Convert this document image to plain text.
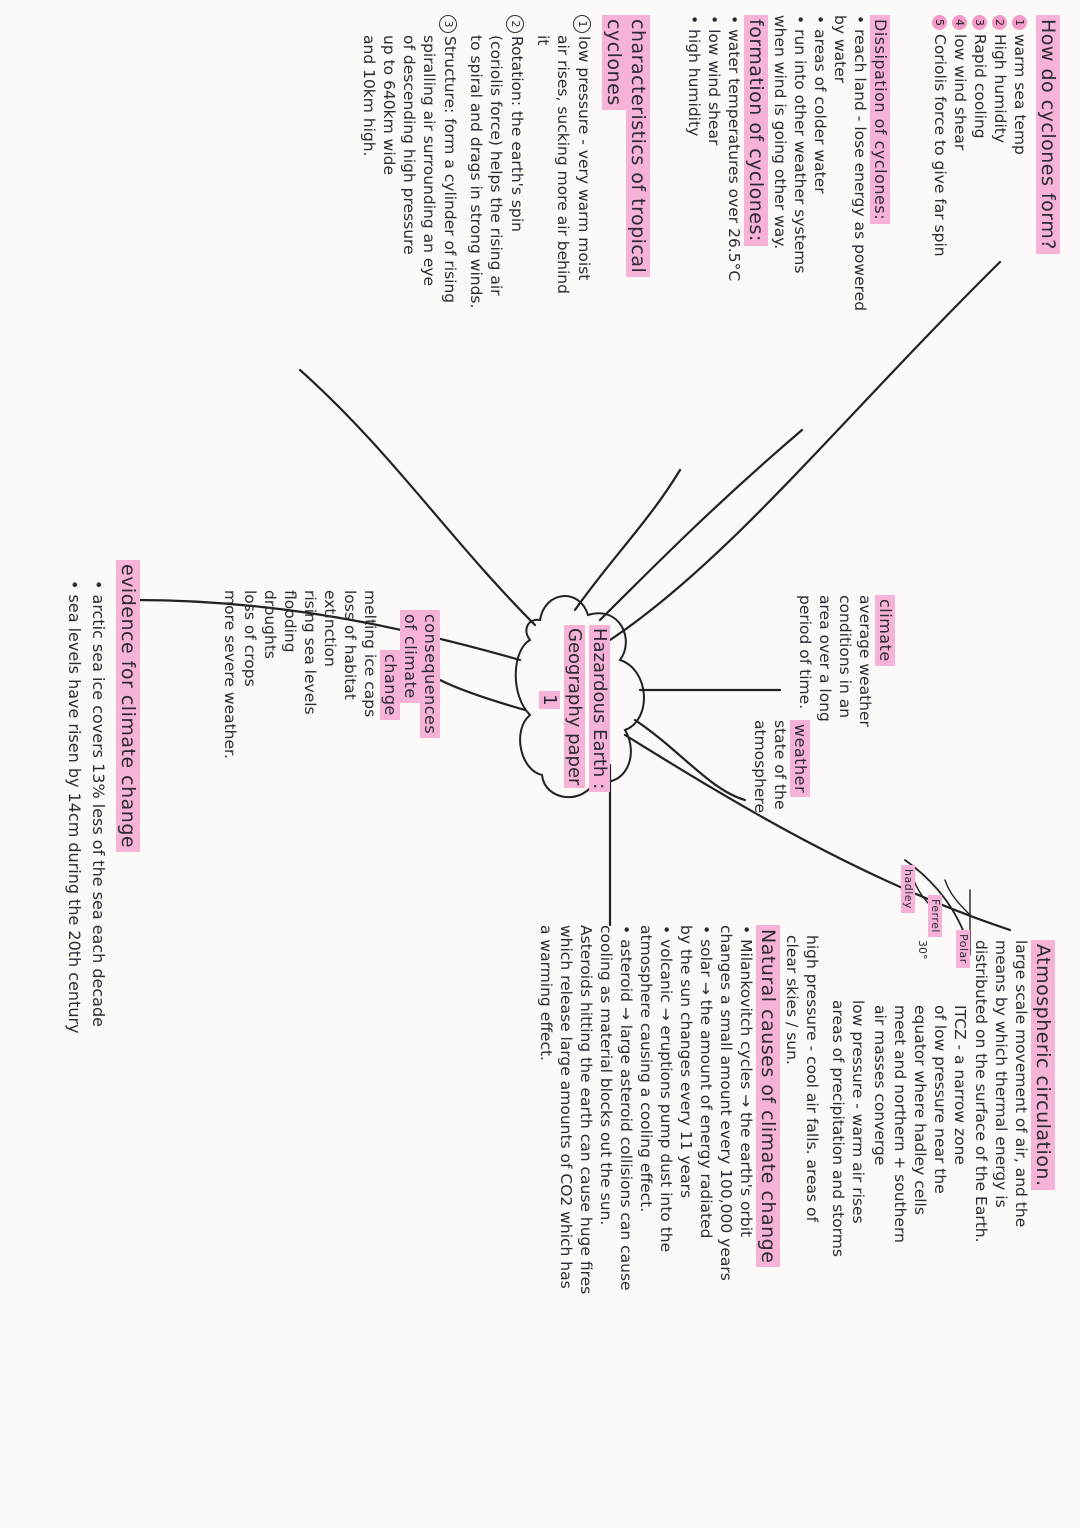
Hazardous Earth :
Geography paper
1
How do cyclones form?
1warm sea temp
2High humidity
3Rapid cooling
4low wind shear
5Coriolis force to give far spin
Dissipation of cyclones:
• reach land - lose energy as powered
by water
• areas of colder water
• run into other weather systems
when wind is going other way.
formation of cyclones:
• water temperatures over 26.5°C
• low wind shear
• high humidity
characteristics of tropical
cyclones
1low pressure - very warm moist
air rises, sucking more air behind
it
2Rotation: the earth's spin
(coriolis force) helps the rising air
to spiral and drags in strong winds.
3Structure: form a cylinder of rising
spiralling air surrounding an eye
of descending high pressure
up to 640km wide
and 10km high.
climate
average weather
conditions in an
area over a long
period of time.
weather
state of the
atmosphere
consequences
of climate
change
melting ice caps
loss of habitat
extinction
rising sea levels
flooding
droughts
loss of crops
more severe weather.
Atmospheric circulation.
large scale movement of air, and the
means by which thermal energy is
distributed on the surface of the Earth.
ITCZ - a narrow zone
of low pressure near the
equator where hadley cells
meet and northern + southern
air masses converge
low pressure - warm air rises
areas of precipitation and storms
high pressure - cool air falls. areas of
clear skies / sun.	Polar
Ferrel
hadley
30°
Natural causes of climate change
• Milankovitch cycles → the earth's orbit
changes a small amount every 100,000 years
• solar → the amount of energy radiated
by the sun changes every 11 years
• volcanic → eruptions pump dust into the
atmosphere causing a cooling effect.
• asteroid → large asteroid collisions can cause
cooling as material blocks out the sun.
Asteroids hitting the earth can cause huge fires
which release large amounts of CO2 which has
a warming effect.
evidence for climate change
• arctic sea ice covers 13% less of the sea each decade
• sea levels have risen by 14cm during the 20th century
